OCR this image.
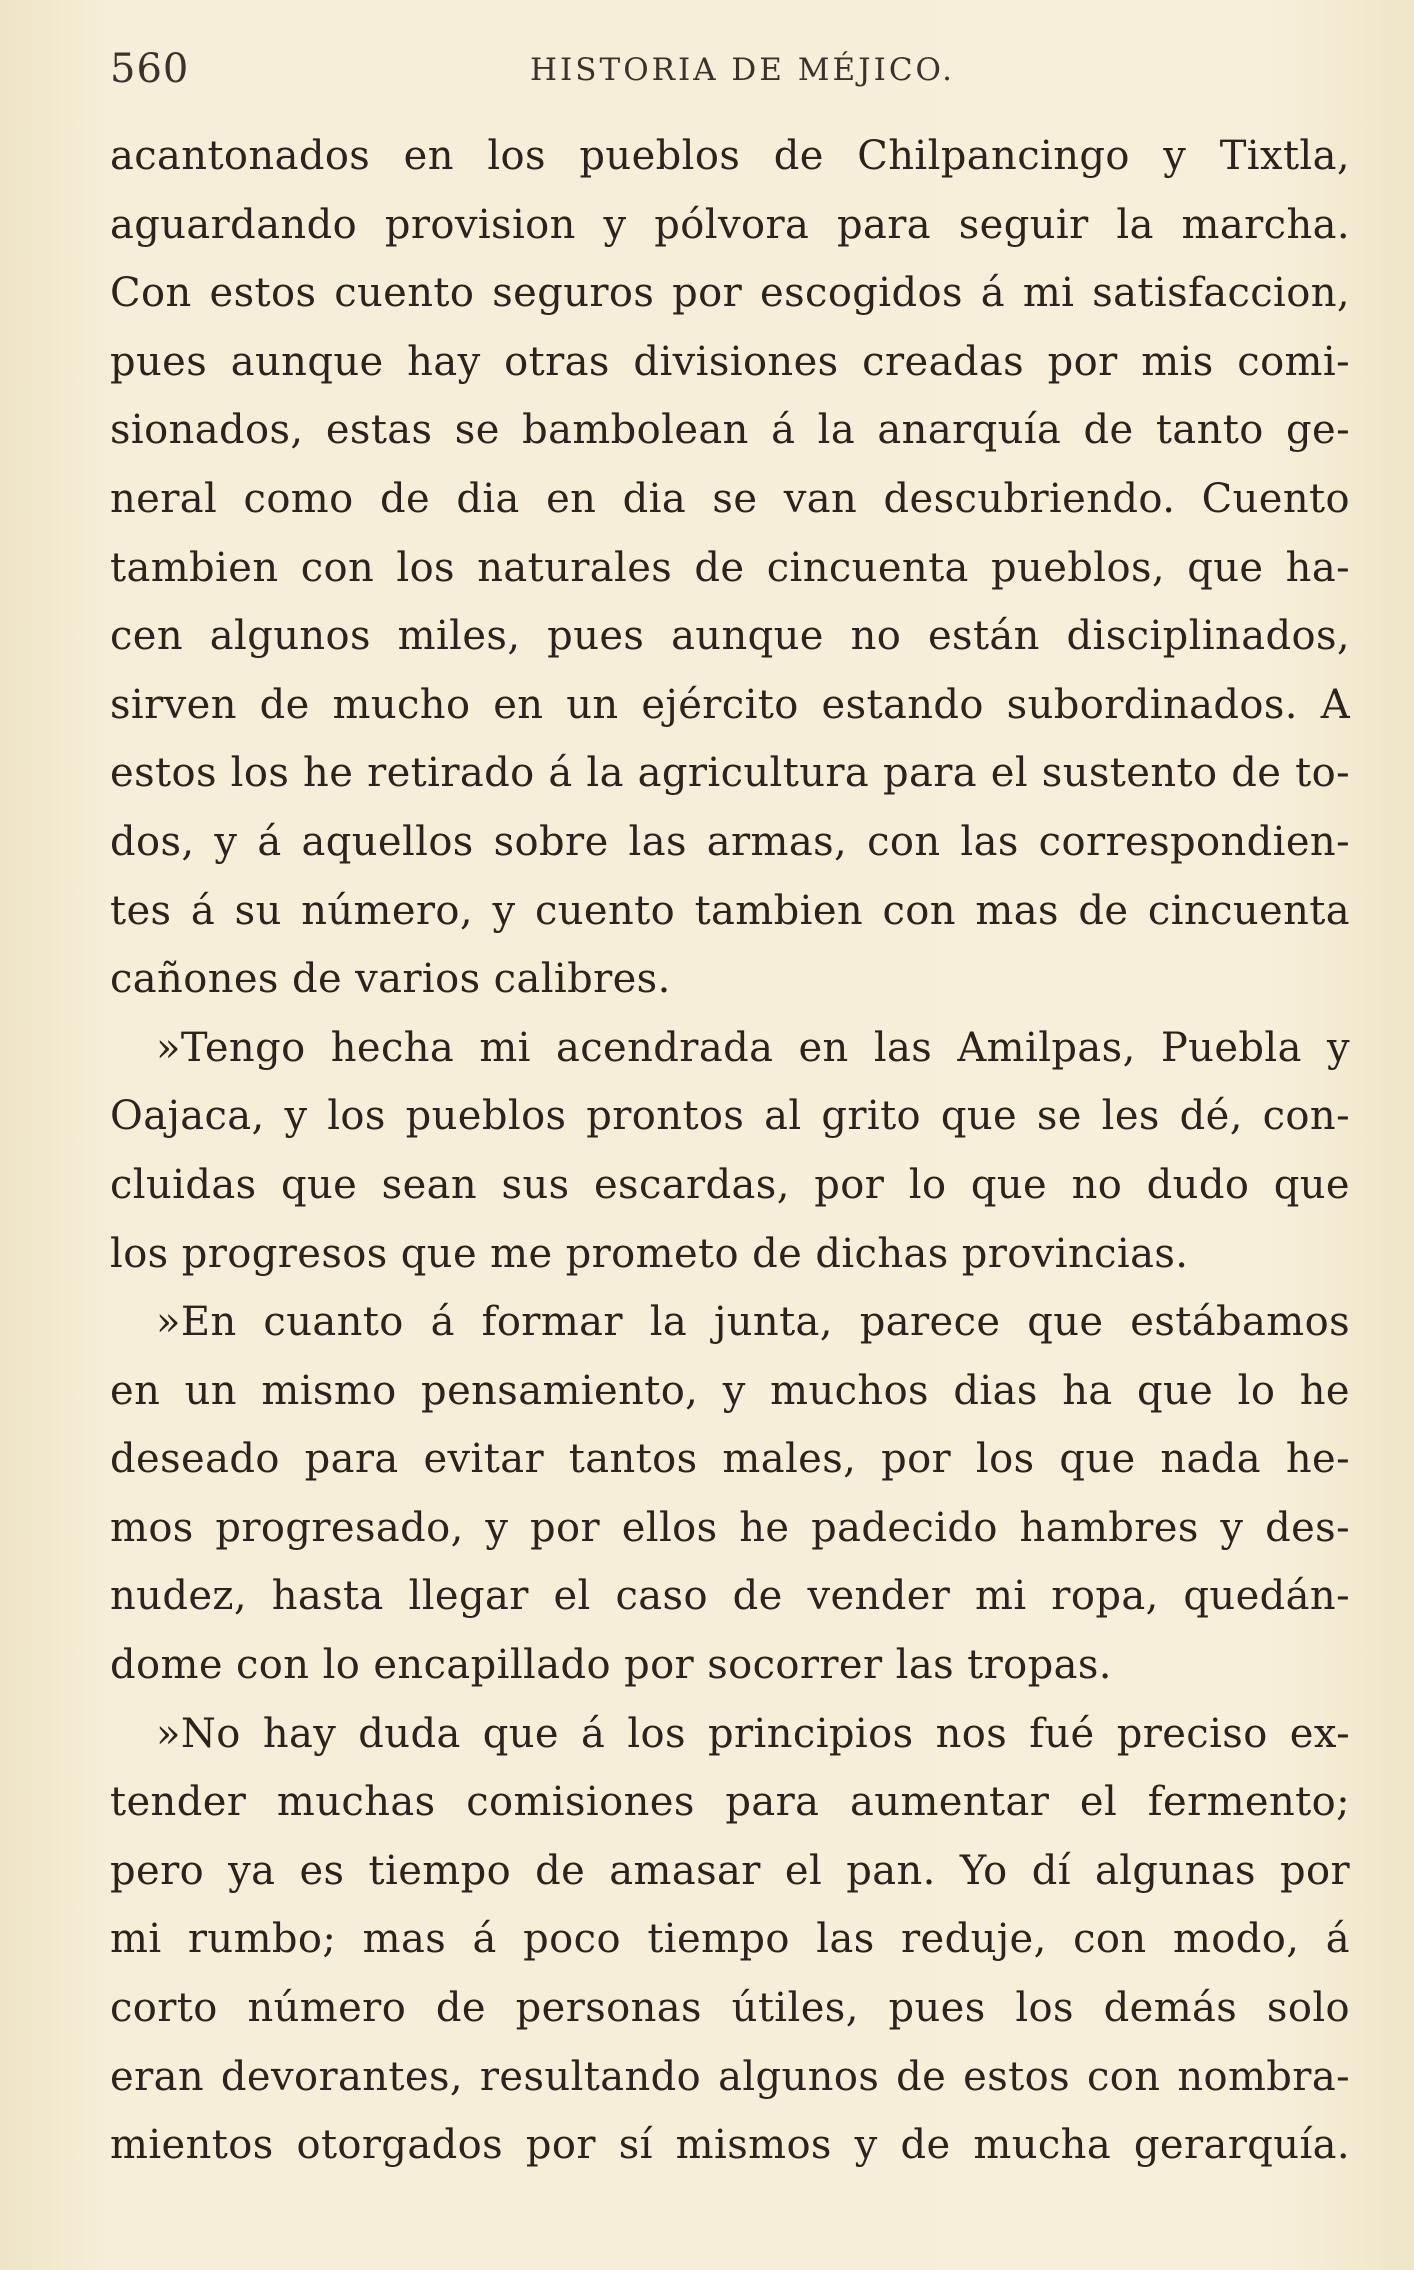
560	HISTORIA DE MÉJICO.
acantonados en los pueblos de Chilpancingo y Tixtla,
aguardando provision y pólvora para seguir la marcha.
Con estos cuento seguros por escogidos á mi satisfaccion,
pues aunque hay otras divisiones creadas por mis comi-
sionados, estas se bambolean á la anarquía de tanto ge-
neral como de dia en dia se van descubriendo. Cuento
tambien con los naturales de cincuenta pueblos, que ha-
cen algunos miles, pues aunque no están disciplinados,
sirven de mucho en un ejército estando subordinados. A
estos los he retirado á la agricultura para el sustento de to-
dos, y á aquellos sobre las armas, con las correspondien-
tes á su número, y cuento tambien con mas de cincuenta
cañones de varios calibres.
»Tengo hecha mi acendrada en las Amilpas, Puebla y
Oajaca, y los pueblos prontos al grito que se les dé, con-
cluidas que sean sus escardas, por lo que no dudo que
los progresos que me prometo de dichas provincias.
»En cuanto á formar la junta, parece que estábamos
en un mismo pensamiento, y muchos dias ha que lo he
deseado para evitar tantos males, por los que nada he-
mos progresado, y por ellos he padecido hambres y des-
nudez, hasta llegar el caso de vender mi ropa, quedán-
dome con lo encapillado por socorrer las tropas.
»No hay duda que á los principios nos fué preciso ex-
tender muchas comisiones para aumentar el fermento;
pero ya es tiempo de amasar el pan. Yo dí algunas por
mi rumbo; mas á poco tiempo las reduje, con modo, á
corto número de personas útiles, pues los demás solo
eran devorantes, resultando algunos de estos con nombra-
mientos otorgados por sí mismos y de mucha gerarquía.
